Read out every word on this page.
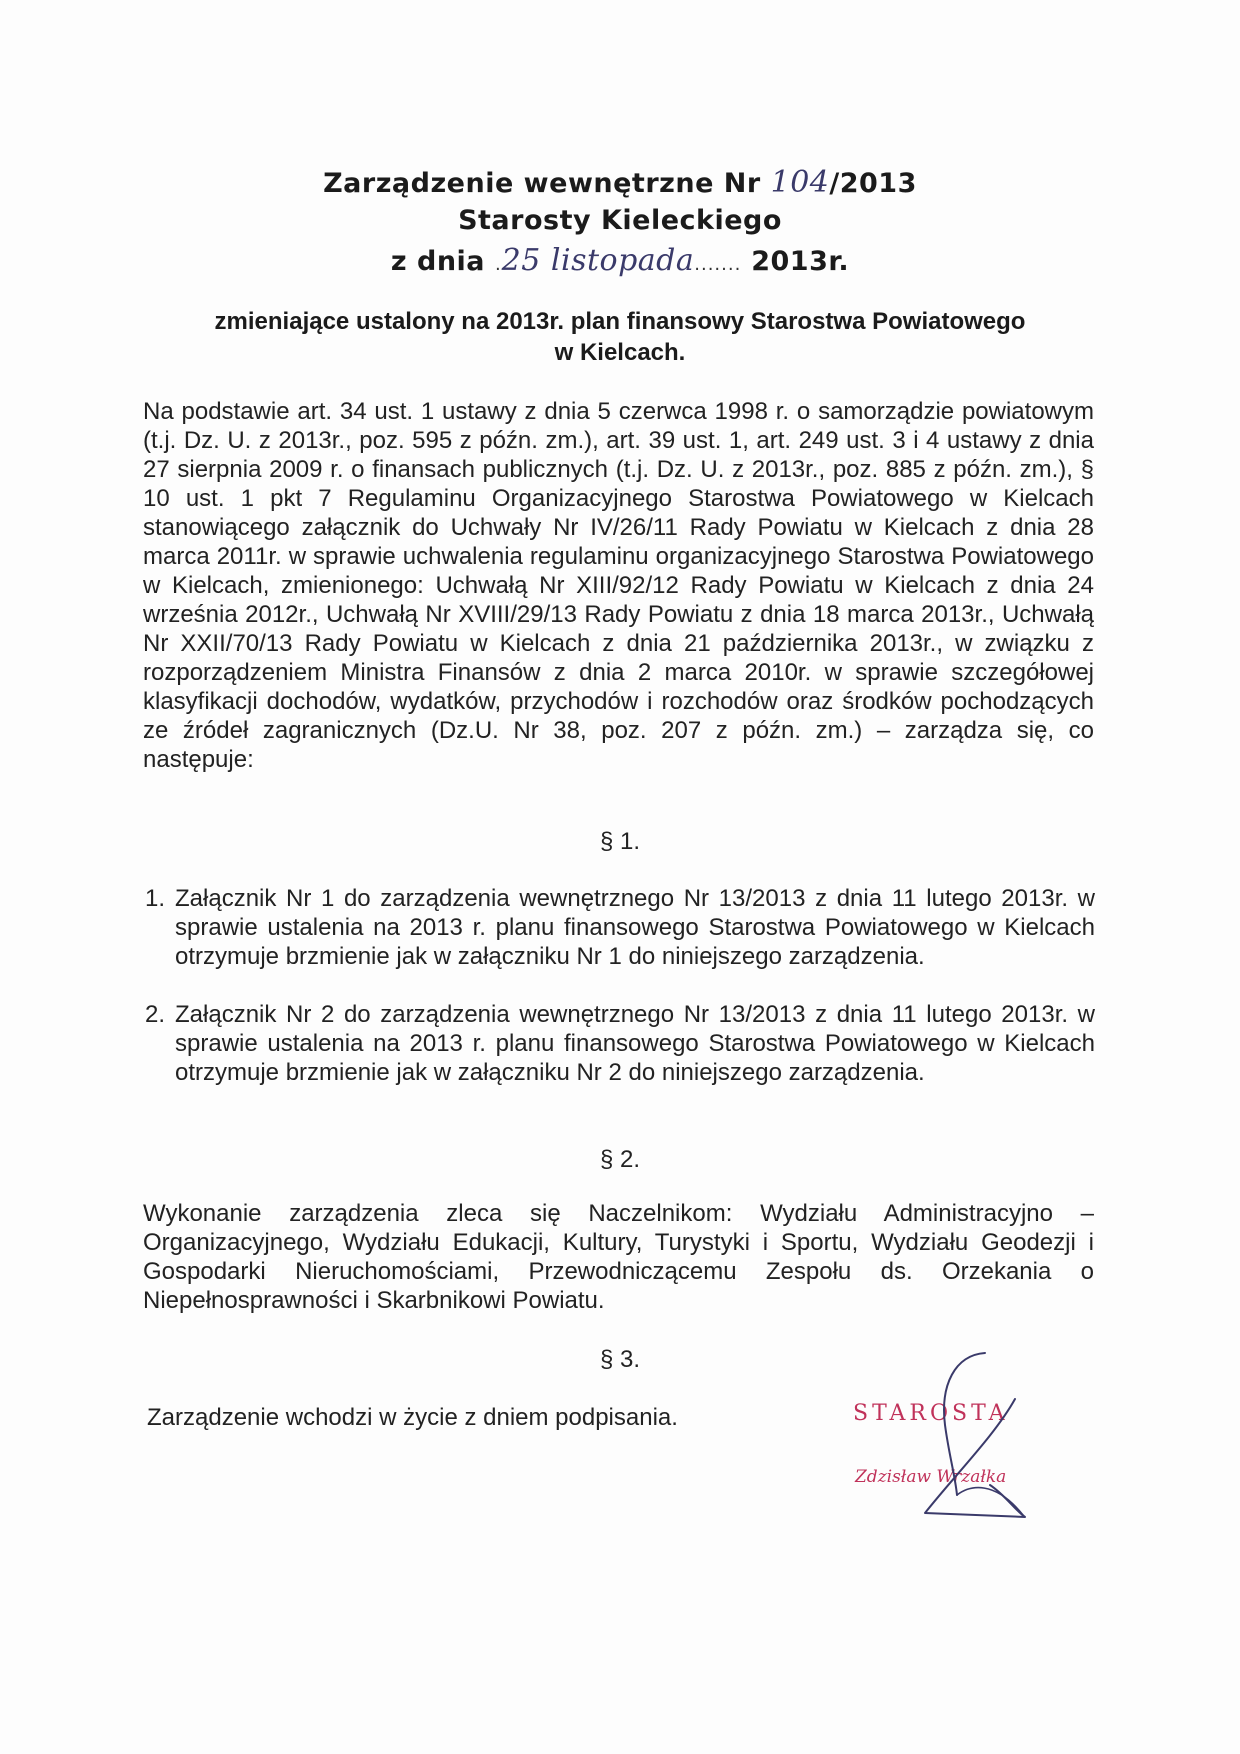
Zarządzenie wewnętrzne Nr 104/2013
Starosty Kieleckiego
z dnia .25 listopada....... 2013r.
zmieniające ustalony na 2013r. plan finansowy Starostwa Powiatowego
w Kielcach.
Na podstawie art. 34 ust. 1 ustawy z dnia 5 czerwca 1998 r. o samorządzie powiatowym (t.j. Dz. U. z 2013r., poz. 595 z późn. zm.), art. 39 ust. 1, art. 249 ust. 3 i 4 ustawy z dnia 27 sierpnia 2009 r. o finansach publicznych (t.j. Dz. U. z 2013r., poz. 885 z późn. zm.), § 10 ust. 1 pkt 7 Regulaminu Organizacyjnego Starostwa Powiatowego w Kielcach stanowiącego załącznik do Uchwały Nr IV/26/11 Rady Powiatu w Kielcach z dnia 28 marca 2011r. w sprawie uchwalenia regulaminu organizacyjnego Starostwa Powiatowego w Kielcach, zmienionego: Uchwałą Nr XIII/92/12 Rady Powiatu w Kielcach z dnia 24 września 2012r., Uchwałą Nr XVIII/29/13 Rady Powiatu z dnia 18 marca 2013r., Uchwałą Nr XXII/70/13 Rady Powiatu w Kielcach z dnia 21 października 2013r., w związku z rozporządzeniem Ministra Finansów z dnia 2 marca 2010r. w sprawie szczegółowej klasyfikacji dochodów, wydatków, przychodów i rozchodów oraz środków pochodzących ze źródeł zagranicznych (Dz.U. Nr 38, poz. 207 z późn. zm.) – zarządza się, co następuje:
§ 1.
1. Załącznik Nr 1 do zarządzenia wewnętrznego Nr 13/2013 z dnia 11 lutego 2013r. w sprawie ustalenia na 2013 r. planu finansowego Starostwa Powiatowego w Kielcach otrzymuje brzmienie jak w załączniku Nr 1 do niniejszego zarządzenia.
2. Załącznik Nr 2 do zarządzenia wewnętrznego Nr 13/2013 z dnia 11 lutego 2013r. w sprawie ustalenia na 2013 r. planu finansowego Starostwa Powiatowego w Kielcach otrzymuje brzmienie jak w załączniku Nr 2 do niniejszego zarządzenia.
§ 2.
Wykonanie zarządzenia zleca się Naczelnikom: Wydziału Administracyjno – Organizacyjnego, Wydziału Edukacji, Kultury, Turystyki i Sportu, Wydziału Geodezji i Gospodarki Nieruchomościami, Przewodniczącemu Zespołu ds. Orzekania o Niepełnosprawności i Skarbnikowi Powiatu.
§ 3.
Zarządzenie wchodzi w życie z dniem podpisania.	STAROSTA
Zdzisław Wrzałka
